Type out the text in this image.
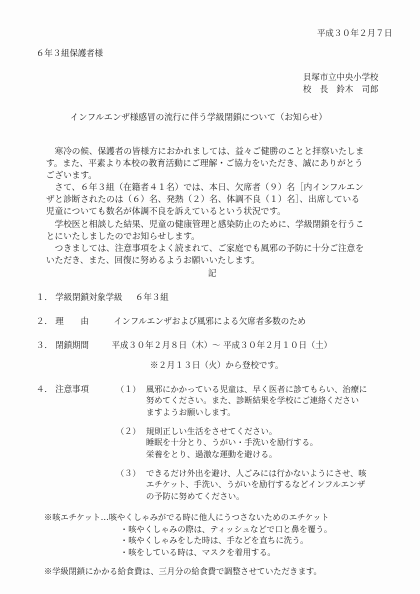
平成３０年２月７日
６年３組保護者様
貝塚市立中央小学校
校　長　鈴木　司郎
インフルエンザ様感冒の流行に伴う学級閉鎖について（お知らせ）

　寒冷の候、保護者の皆様方におかれましては、益々ご健勝のことと拝察いたしま

す。また、平素より本校の教育活動にご理解・ご協力をいただき、誠にありがとう

ございます。

　さて、６年３組（在籍者４１名）では、本日、欠席者（９）名［内インフルエン

ザと診断されたのは（６）名、発熱（２）名、体調不良（１）名］、出席している

児童についても数名が体調不良を訴えているという状況です。

　学校医と相談した結果、児童の健康管理と感染防止のために、学級閉鎖を行うこ

とにいたしましたのでお知らせします。

　つきましては、注意事項をよく読まれて、ご家庭でも風邪の予防に十分ご注意を

いただき、また、回復に努めるようお願いいたします。

記
１． 学級閉鎖対象学級 ６年３組
２． 理　　由	インフルエンザおよび風邪による欠席者多数のため
３． 閉鎖期間	平成３０年２月８日（木）〜 平成３０年２月１０日（土）
※２月１３日（火）から登校です。
４． 注意事項	（１） 風邪にかかっている児童は、早く医者に診てもらい、治療に
努めてください。また、診断結果を学校にご連絡ください
ますようお願いします。
（２） 規則正しい生活をさせてください。
睡眠を十分とり、うがい・手洗いを励行する。
栄養をとり、過激な運動を避ける。
（３） できるだけ外出を避け、人ごみには行かないようにさせ、咳
エチケット、手洗い、うがいを励行するなどインフルエンザ
の予防に努めてください。
※咳エチケット…咳やくしゃみがでる時に他人にうつさないためのエチケット
・咳やくしゃみの際は、ティッシュなどで口と鼻を覆う。
・咳やくしゃみをした時は、手などを直ちに洗う。
・咳をしている時は、マスクを着用する。
※学級閉鎖にかかる給食費は、三月分の給食費で調整させていただきます。
